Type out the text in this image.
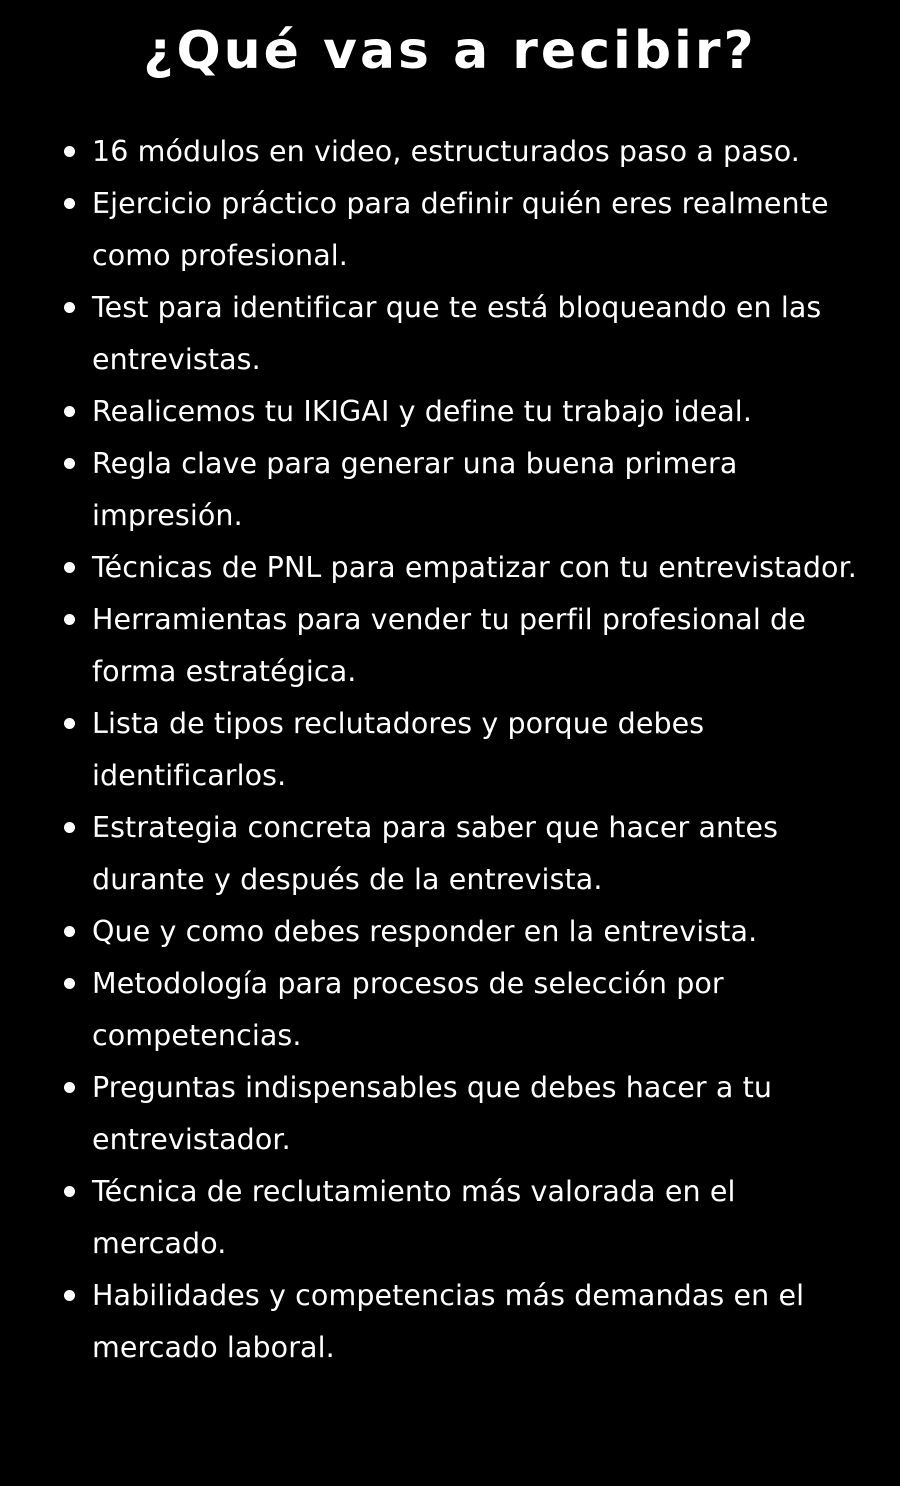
¿Qué vas a recibir?
16 módulos en video, estructurados paso a paso.
Ejercicio práctico para definir quién eres realmente como profesional.
Test para identificar que te está bloqueando en las entrevistas.
Realicemos tu IKIGAI y define tu trabajo ideal.
Regla clave para generar una buena primera impresión.
Técnicas de PNL para empatizar con tu entrevistador.
Herramientas para vender tu perfil profesional de forma estratégica.
Lista de tipos reclutadores y porque debes identificarlos.
Estrategia concreta para saber que hacer antes durante y después de la entrevista.
Que y como debes responder en la entrevista.
Metodología para procesos de selección por competencias.
Preguntas indispensables que debes hacer a tu entrevistador.
Técnica de reclutamiento más valorada en el mercado.
Habilidades y competencias más demandas en el mercado laboral.
